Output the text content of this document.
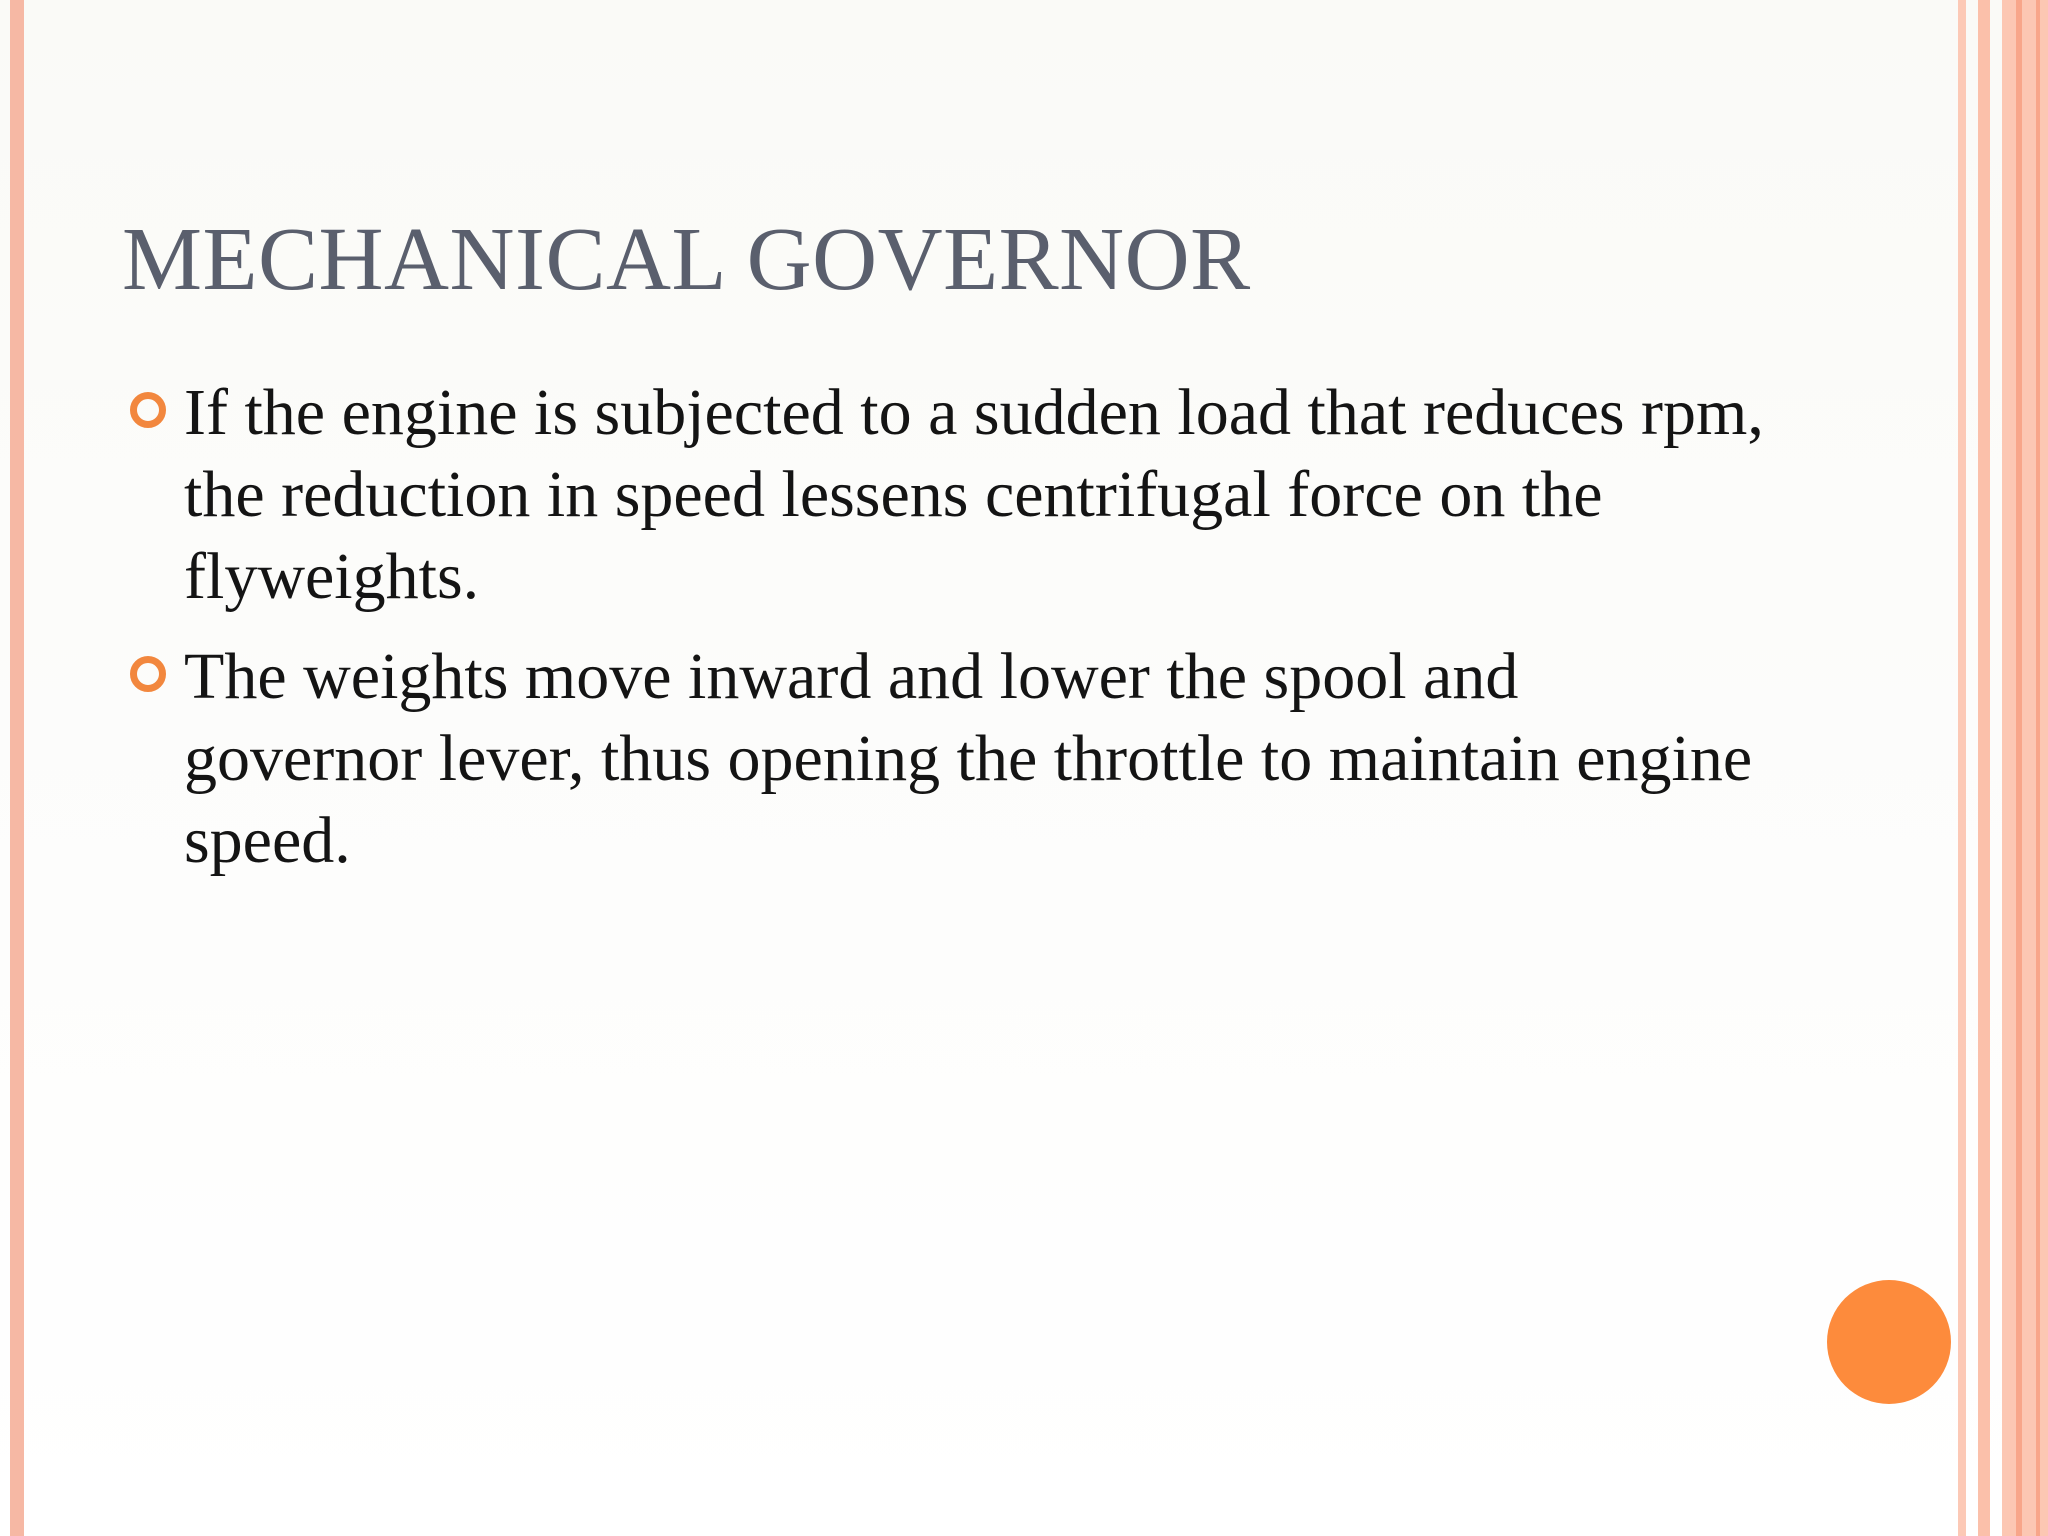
MECHANICAL GOVERNOR
If the engine is subjected to a sudden load that reduces rpm, the reduction in speed lessens centrifugal force on the flyweights.
The weights move inward and lower the spool and governor lever, thus opening the throttle to maintain engine speed.
